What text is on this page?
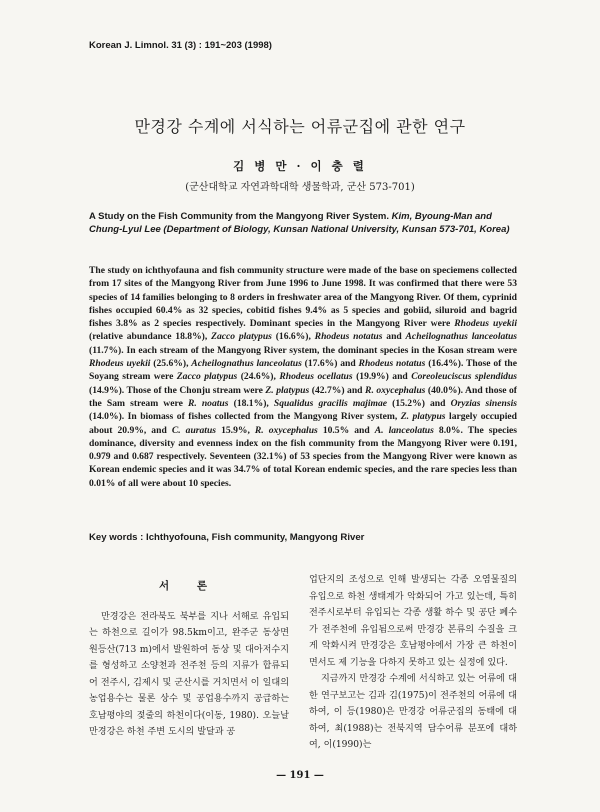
Korean J. Limnol. 31 (3) : 191~203 (1998)
만경강 수계에 서식하는 어류군집에 관한 연구
김 병 만 · 이 충 렬
(군산대학교 자연과학대학 생물학과, 군산 573-701)
A Study on the Fish Community from the Mangyong River System. Kim, Byoung-Man and Chung-Lyul Lee (Department of Biology, Kunsan National University, Kunsan 573-701, Korea)
The study on ichthyofauna and fish community structure were made of the base on speciemens collected from 17 sites of the Mangyong River from June 1996 to June 1998. It was confirmed that there were 53 species of 14 families belonging to 8 orders in freshwater area of the Mangyong River. Of them, cyprinid fishes occupied 60.4% as 32 species, cobitid fishes 9.4% as 5 species and gobiid, siluroid and bagrid fishes 3.8% as 2 species respectively. Dominant species in the Mangyong River were Rhodeus uyekii (relative abundance 18.8%), Zacco platypus (16.6%), Rhodeus notatus and Acheilognathus lanceolatus (11.7%). In each stream of the Mangyong River system, the dominant species in the Kosan stream were Rhodeus uyekii (25.6%), Acheilognathus lanceolatus (17.6%) and Rhodeus notatus (16.4%). Those of the Soyang stream were Zacco platypus (24.6%), Rhodeus ocellatus (19.9%) and Coreoleuciscus splendidus (14.9%). Those of the Chonju stream were Z. platypus (42.7%) and R. oxycephalus (40.0%). And those of the Sam stream were R. noatus (18.1%), Squalidus gracilis majimae (15.2%) and Oryzias sinensis (14.0%). In biomass of fishes collected from the Mangyong River system, Z. platypus largely occupied about 20.9%, and C. auratus 15.9%, R. oxycephalus 10.5% and A. lanceolatus 8.0%. The species dominance, diversity and evenness index on the fish community from the Mangyong River were 0.191, 0.979 and 0.687 respectively. Seventeen (32.1%) of 53 species from the Mangyong River were known as Korean endemic species and it was 34.7% of total Korean endemic species, and the rare species less than 0.01% of all were about 10 species.
Key words : Ichthyofouna, Fish community, Mangyong River
서 론

만경강은 전라북도 북부를 지나 서해로 유입되는 하천으로 길이가 98.5km이고, 완주군 동상면 원등산(713 m)에서 발원하여 동상 및 대아저수지를 형성하고 소양천과 전주천 등의 지류가 합류되어 전주시, 김제시 및 군산시를 거치면서 이 일대의 농업용수는 물론 상수 및 공업용수까지 공급하는 호남평야의 젖줄의 하천이다(이동, 1980). 오늘날 만경강은 하천 주변 도시의 발달과 공

업단지의 조성으로 인해 발생되는 각종 오염물질의 유입으로 하천 생태계가 악화되어 가고 있는데, 특히 전주시로부터 유입되는 각종 생활 하수 및 공단 폐수가 전주천에 유입됨으로써 만경강 본류의 수질을 크게 악화시켜 만경강은 호남평야에서 가장 큰 하천이면서도 제 기능을 다하지 못하고 있는 실정에 있다.

지금까지 만경강 수계에 서식하고 있는 어류에 대한 연구보고는 김과 김(1975)이 전주천의 어류에 대하여, 이 등(1980)은 만경강 어류군집의 동태에 대하여, 최(1988)는 전북지역 담수어류 분포에 대하여, 이(1990)는

— 191 —
